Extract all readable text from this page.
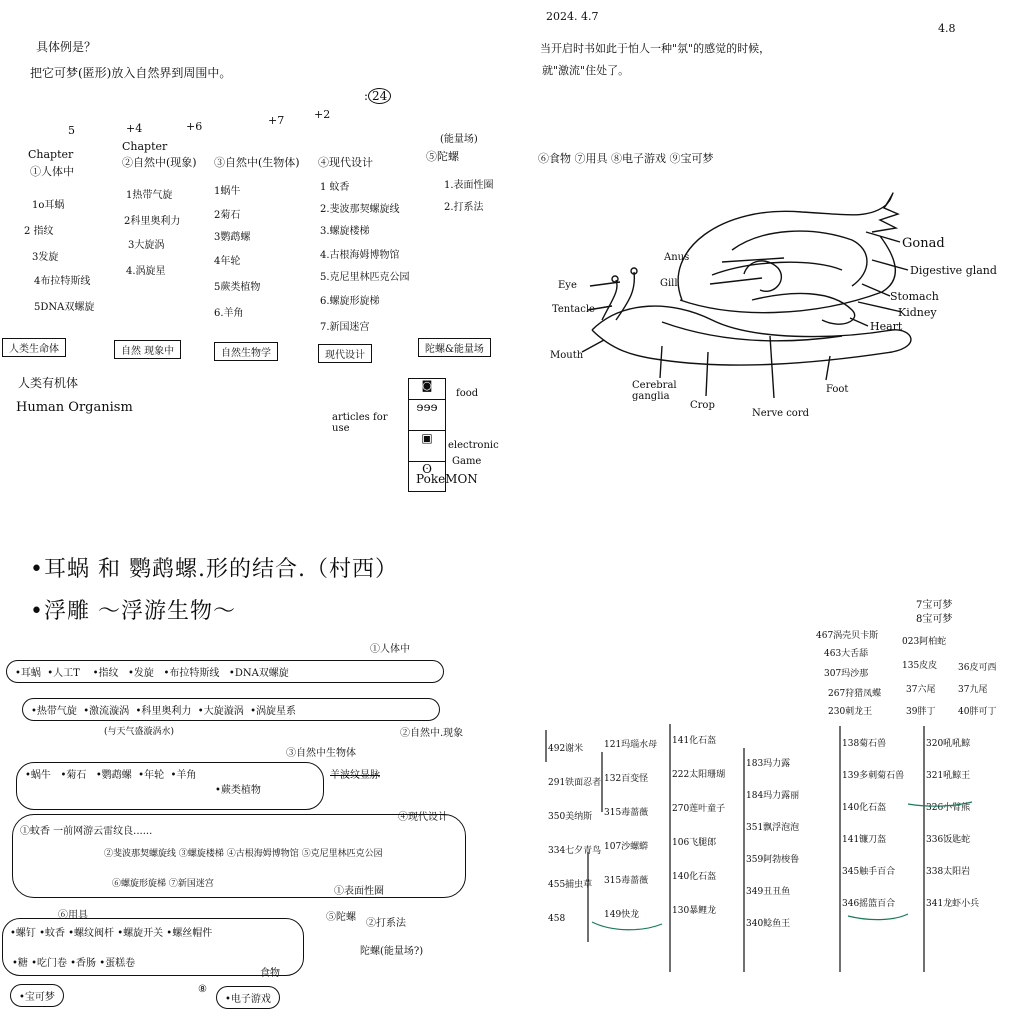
具体例是？
把它可梦(匿形)放入自然界到周围中。
: 24
5	+4	+6	+7	+2
Chapter
①人体中
1o耳蜗
2 指纹
3发旋
4布拉特斯线
5DNA双螺旋
Chapter
②自然中(现象)
1热带气旋
2科里奥利力
3大旋涡
4.涡旋星
③自然中(生物体)
1蜗牛
2菊石
3鹦鹉螺
4年轮
5蕨类植物
6.羊角
④现代设计
1 蚊香
2.斐波那契螺旋线
3.螺旋楼梯
4.古根海姆博物馆
5.克尼里林匹克公园
6.螺旋形旋梯
7.新国迷宫
(能量场)
⑤陀螺
1.表面性圈
2.打系法
人类生命体	自然 现象中	自然生物学	现代设计
陀螺&能量场
人类有机体
Human Organism
articles for use
◙
ɘɘɘ
▣
ʘ
food
electronic
Game
PokeMON
2024. 4.7
4.8
当开启时书如此于怕人一种"氛"的感觉的时候，
就"激流"住处了。
⑥食物 ⑦用具 ⑧电子游戏 ⑨宝可梦
Gonad
Digestive gland
Stomach
Kidney
Heart
Anus
Gill
Eye
Tentacle
Mouth
Cerebral ganglia
Crop
Nerve cord
Foot
•耳蜗 和 鹦鹉螺.形的结合.（村西）
•浮雕 ～浮游生物～
①人体中
•耳蜗 •人工T •指纹 •发旋 •布拉特斯线 •DNA双螺旋
②自然中.现象
•热带气旋 •激流漩涡 •科里奥利力 •大旋漩涡 •涡旋星系
(与天气盛漩涡水)
③自然中生物体
•蜗牛 •菊石 •鹦鹉螺 •年轮 •羊角
•蕨类植物
羊波纹显脉
④现代设计
①蚊香 一前网游云雷纹良......
②斐波那契螺旋线 ③螺旋楼梯 ④古根海姆博物馆 ⑤克尼里林匹克公园
⑥螺旋形旋梯 ⑦新国迷宫
⑤陀螺
①表面性圈
②打系法
陀螺(能量场?)
⑥用具
•螺钉 •蚊香 •螺纹阀杆 •螺旋开关 •螺丝帽件
•糖 •吃门卷 •香肠 •蛋糕卷
•宝可梦
食物
⑧
•电子游戏
7宝可梦
8宝可梦
467涡壳贝卡斯
463大舌舔
307玛沙那
267狩猎凤蝶
230刺龙王
023阿柏蛇
135皮皮
37六尾
39胖丁
36皮可西
37九尾
40胖可丁
492谢米
291铁面忍者
350美纳斯
334七夕青鸟
455捕虫草
458
121玛瑙水母
132百变怪
315毒蔷薇
107沙螺蟒
315毒蔷薇
149快龙
141化石盔
222太阳珊瑚
270莲叶童子
106飞腿郎
140化石盔
130暴鲤龙
183玛力露
184玛力露丽
351飘浮泡泡
359阿勃梭鲁
349丑丑鱼
340鲶鱼王
138菊石兽
139多刺菊石兽
140化石盔
141镰刀盔
345触手百合
346摇篮百合
320吼吼鲸
321吼鲸王
326小臂熊
336饭匙蛇
338太阳岩
341龙虾小兵
